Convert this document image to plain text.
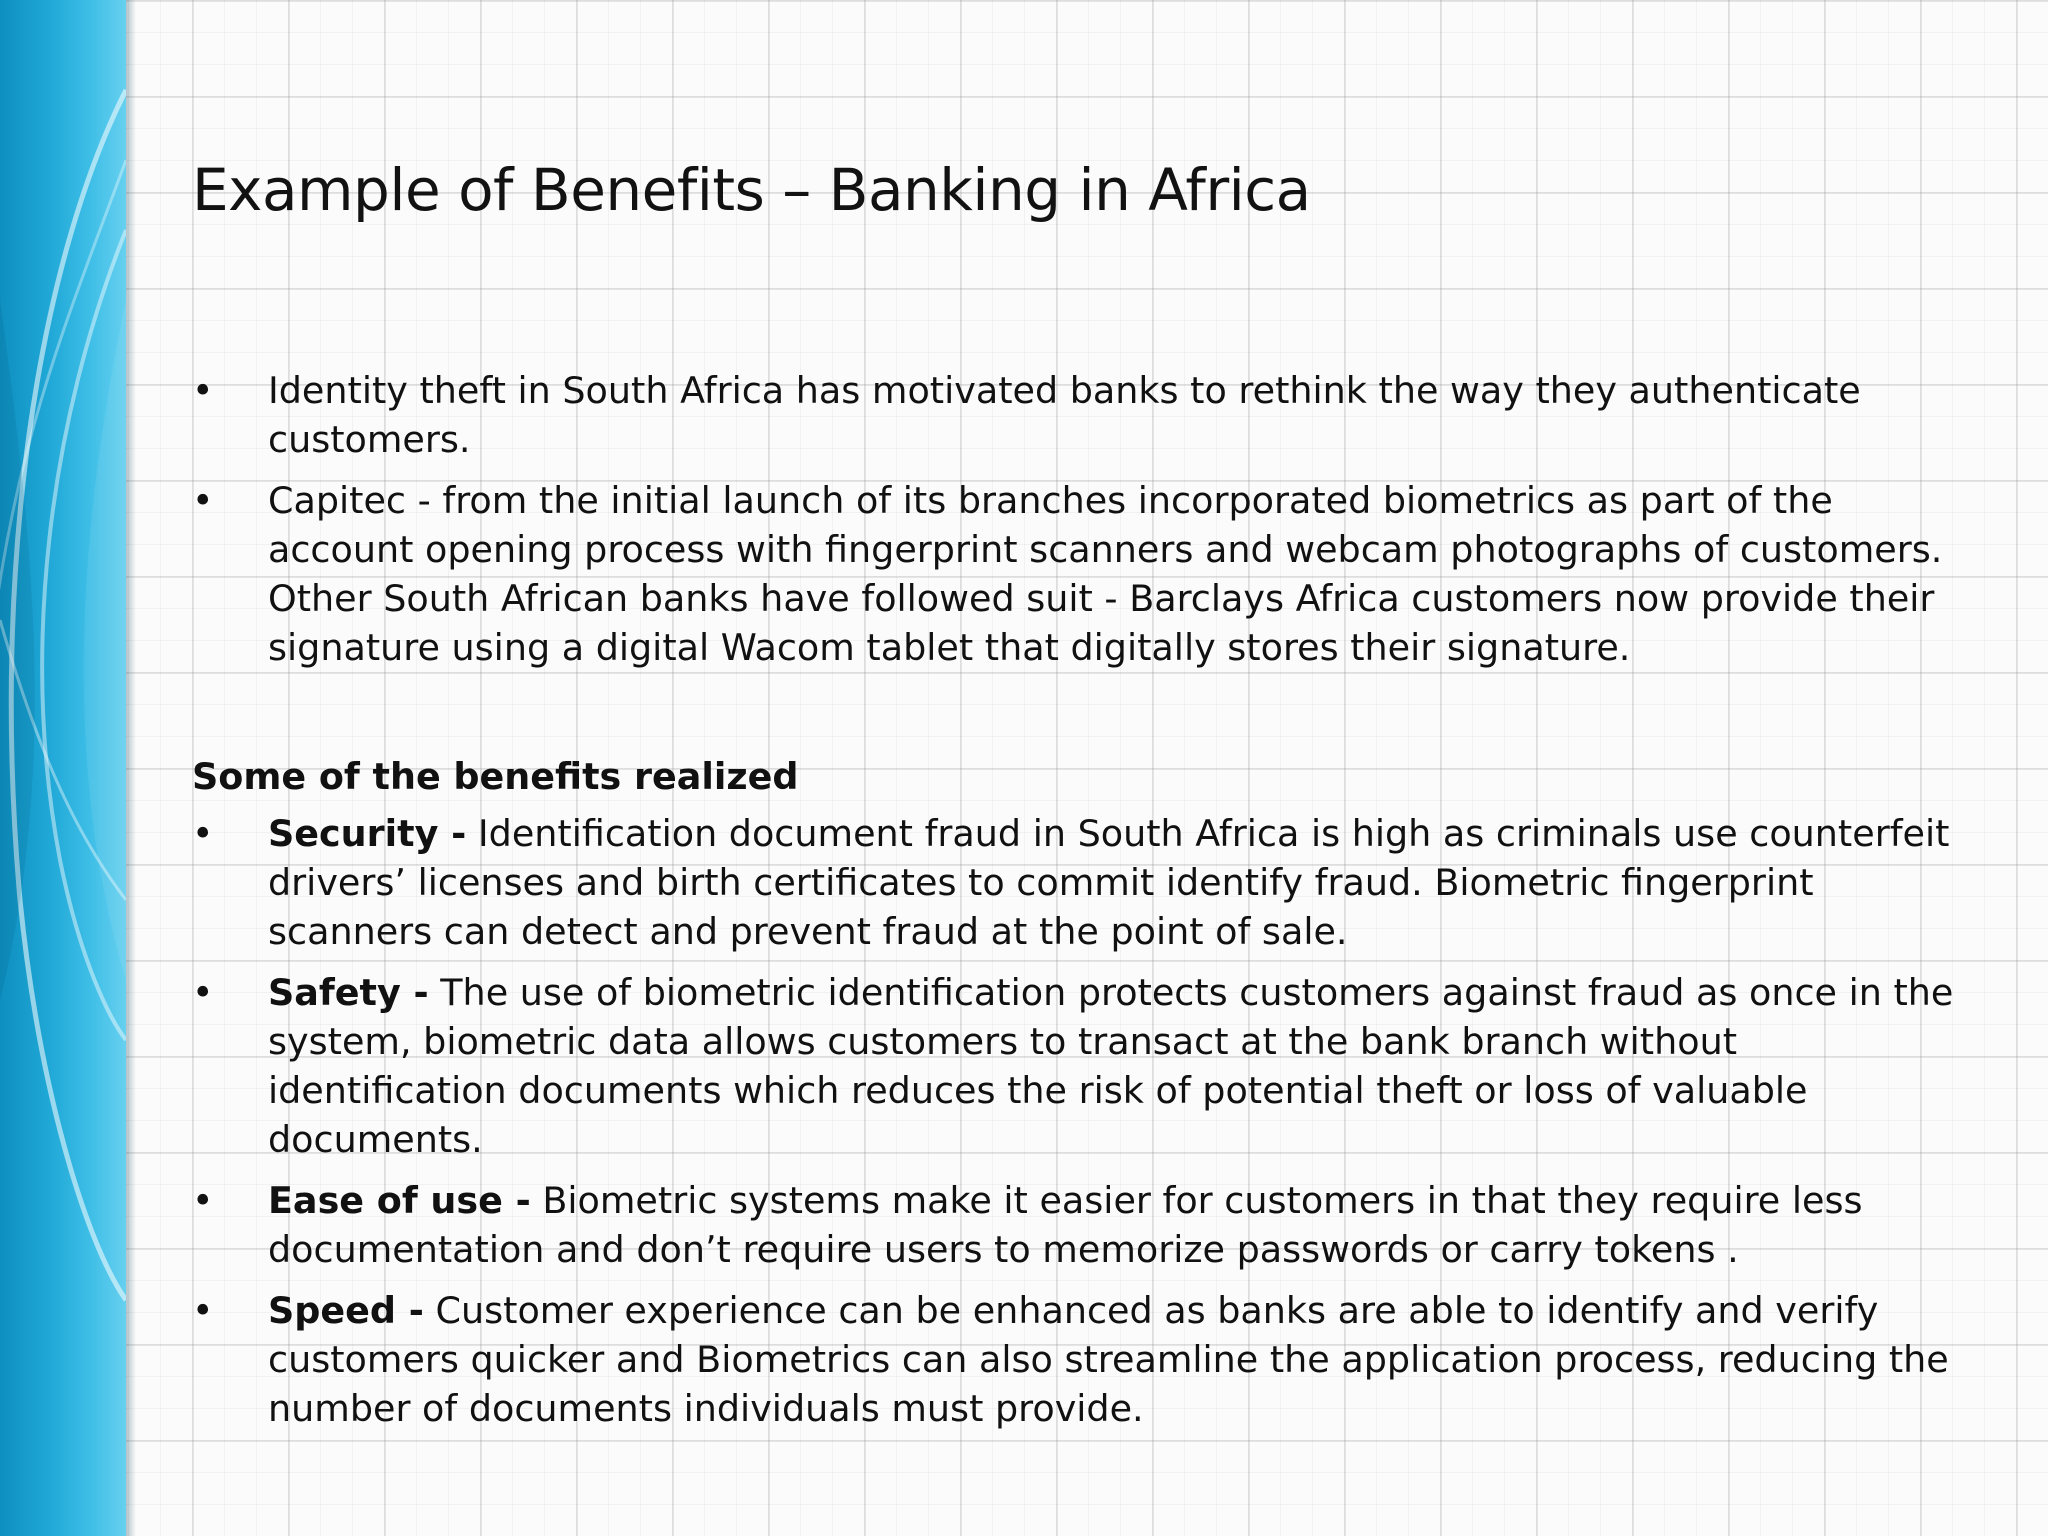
Example of Benefits – Banking in Africa
• Identity theft in South Africa has motivated banks to rethink the way they authenticate customers.
• Capitec - from the initial launch of its branches incorporated biometrics as part of the account opening process with fingerprint scanners and webcam photographs of customers. Other South African banks have followed suit - Barclays Africa customers now provide their signature using a digital Wacom tablet that digitally stores their signature.
Some of the benefits realized
• Security - Identification document fraud in South Africa is high as criminals use counterfeit drivers’ licenses and birth certificates to commit identify fraud. Biometric fingerprint scanners can detect and prevent fraud at the point of sale.
• Safety - The use of biometric identification protects customers against fraud as once in the system, biometric data allows customers to transact at the bank branch without identification documents which reduces the risk of potential theft or loss of valuable documents.
• Ease of use - Biometric systems make it easier for customers in that they require less documentation and don’t require users to memorize passwords or carry tokens .
• Speed - Customer experience can be enhanced as banks are able to identify and verify customers quicker and Biometrics can also streamline the application process, reducing the number of documents individuals must provide.
